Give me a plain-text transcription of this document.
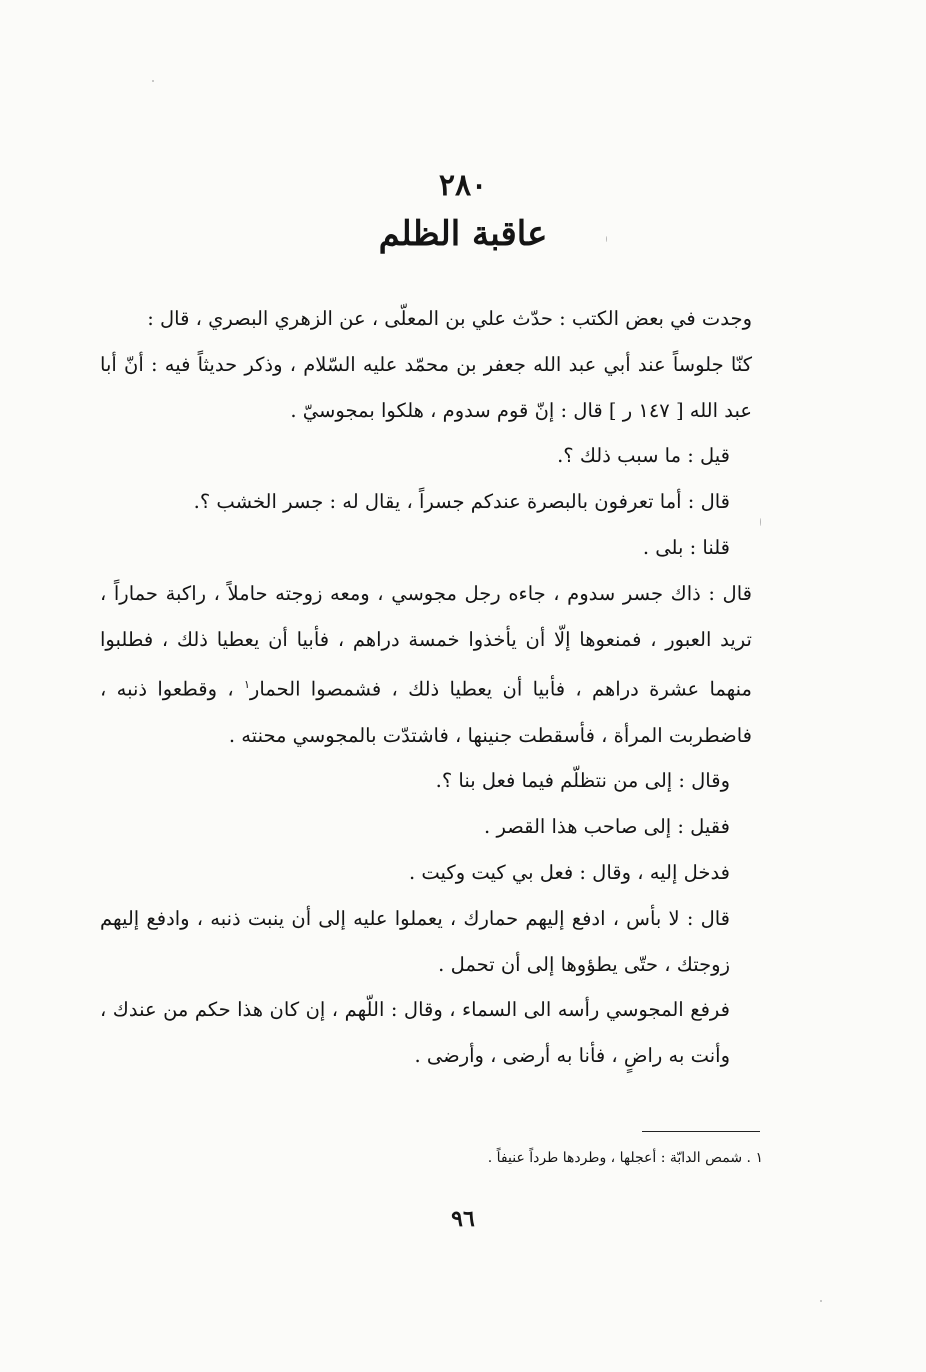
٢٨٠
عاقبة الظلم

وجدت في بعض الكتب : حدّث علي بن المعلّى ، عن الزهري البصري ، قال :

كنّا جلوساً عند أبي عبد الله جعفر بن محمّد عليه السّلام ، وذكر حديثاً فيه : أنّ أبا عبد الله [ ١٤٧ ر ] قال : إنّ قوم سدوم ، هلكوا بمجوسيّ .

قيل : ما سبب ذلك ؟.

قال : أما تعرفون بالبصرة عندكم جسراً ، يقال له : جسر الخشب ؟.

قلنا : بلى .

قال : ذاك جسر سدوم ، جاءه رجل مجوسي ، ومعه زوجته حاملاً ، راكبة حماراً ، تريد العبور ، فمنعوها إلّا أن يأخذوا خمسة دراهم ، فأبيا أن يعطيا ذلك ، فطلبوا منهما عشرة دراهم ، فأبيا أن يعطيا ذلك ، فشمصوا الحمار$^١$ ، وقطعوا ذنبه ، فاضطربت المرأة ، فأسقطت جنينها ، فاشتدّت بالمجوسي محنته .

وقال : إلى من نتظلّم فيما فعل بنا ؟.

فقيل : إلى صاحب هذا القصر .

فدخل إليه ، وقال : فعل بي كيت وكيت .

قال : لا بأس ، ادفع إليهم حمارك ، يعملوا عليه إلى أن ينبت ذنبه ، وادفع إليهم زوجتك ، حتّى يطؤوها إلى أن تحمل .

فرفع المجوسي رأسه الى السماء ، وقال : اللّهم ، إن كان هذا حكم من عندك ، وأنت به راضٍ ، فأنا به أرضى ، وأرضى .

١ . شمص الدابّة : أعجلها ، وطردها طرداً عنيفاً .
٩٦
